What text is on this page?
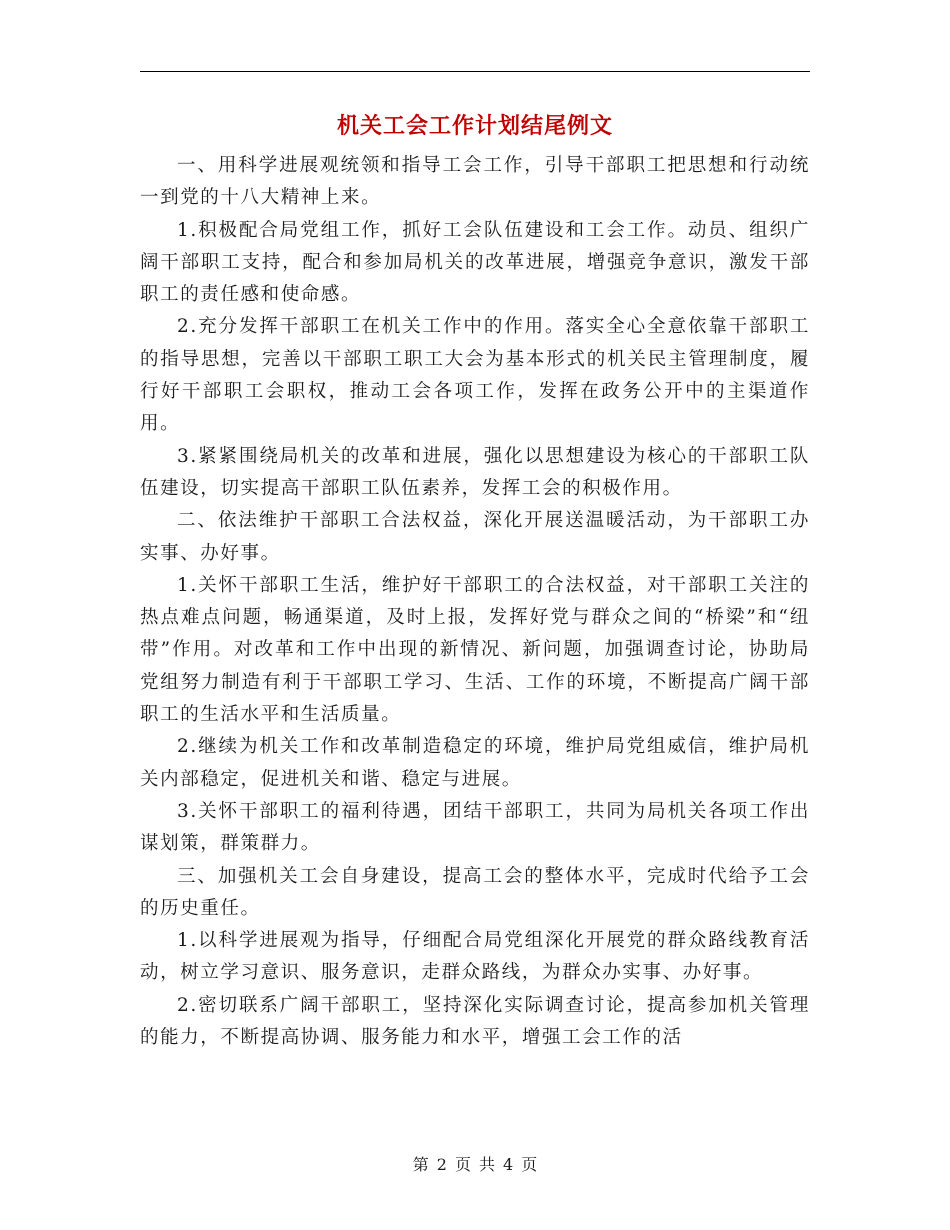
机关工会工作计划结尾例文

一、用科学进展观统领和指导工会工作，引导干部职工把思想和行动统一到党的十八大精神上来。

1.积极配合局党组工作，抓好工会队伍建设和工会工作。动员、组织广阔干部职工支持，配合和参加局机关的改革进展，增强竞争意识，激发干部职工的责任感和使命感。

2.充分发挥干部职工在机关工作中的作用。落实全心全意依靠干部职工的指导思想，完善以干部职工职工大会为基本形式的机关民主管理制度，履行好干部职工会职权，推动工会各项工作，发挥在政务公开中的主渠道作用。

3.紧紧围绕局机关的改革和进展，强化以思想建设为核心的干部职工队伍建设，切实提高干部职工队伍素养，发挥工会的积极作用。

二、依法维护干部职工合法权益，深化开展送温暖活动，为干部职工办实事、办好事。

1.关怀干部职工生活，维护好干部职工的合法权益，对干部职工关注的热点难点问题，畅通渠道，及时上报，发挥好党与群众之间的“桥梁”和“纽带”作用。对改革和工作中出现的新情况、新问题，加强调查讨论，协助局党组努力制造有利于干部职工学习、生活、工作的环境，不断提高广阔干部职工的生活水平和生活质量。

2.继续为机关工作和改革制造稳定的环境，维护局党组威信，维护局机关内部稳定，促进机关和谐、稳定与进展。

3.关怀干部职工的福利待遇，团结干部职工，共同为局机关各项工作出谋划策，群策群力。

三、加强机关工会自身建设，提高工会的整体水平，完成时代给予工会的历史重任。

1.以科学进展观为指导，仔细配合局党组深化开展党的群众路线教育活动，树立学习意识、服务意识，走群众路线，为群众办实事、办好事。

2.密切联系广阔干部职工，坚持深化实际调查讨论，提高参加机关管理的能力，不断提高协调、服务能力和水平，增强工会工作的活

第 2 页 共 4 页
